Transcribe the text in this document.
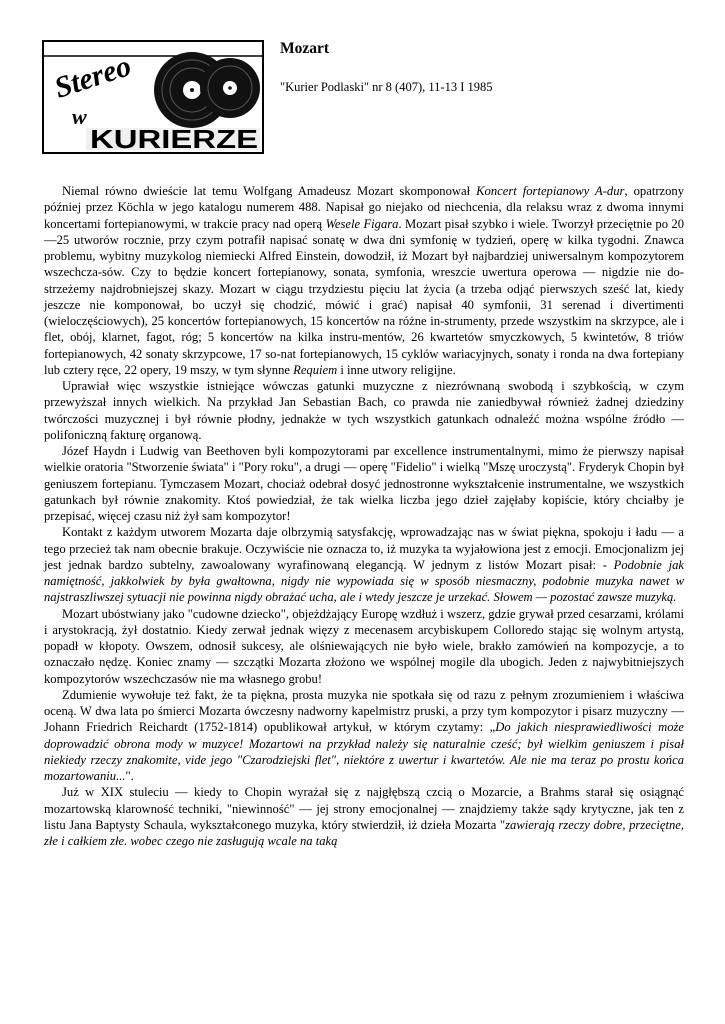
Stereo
w
KURIERZE
Mozart

"Kurier Podlaski" nr 8 (407), 11-13 I 1985

Niemal równo dwieście lat temu Wolfgang Amadeusz Mozart skomponował Koncert fortepianowy A-dur, opatrzony później przez Köchla w jego katalogu numerem 488. Napisał go niejako od niechcenia, dla relaksu wraz z dwoma innymi koncertami fortepianowymi, w trakcie pracy nad operą Wesele Figara. Mozart pisał szybko i wiele. Tworzył przeciętnie po 20—25 utworów rocznie, przy czym potrafił napisać sonatę w dwa dni symfonię w tydzień, operę w kilka tygodni. Znawca problemu, wybitny muzykolog niemiecki Alfred Einstein, dowodził, iż Mozart był najbardziej uniwersalnym kompozytorem wszechcza-sów. Czy to będzie koncert fortepianowy, sonata, symfonia, wreszcie uwertura operowa — nigdzie nie do-strzeżemy najdrobniejszej skazy. Mozart w ciągu trzydziestu pięciu lat życia (a trzeba odjąć pierwszych sześć lat, kiedy jeszcze nie komponował, bo uczył się chodzić, mówić i grać) napisał 40 symfonii, 31 serenad i divertimenti (wieloczęściowych), 25 koncertów fortepianowych, 15 koncertów na różne in-strumenty, przede wszystkim na skrzypce, ale i flet, obój, klarnet, fagot, róg; 5 koncertów na kilka instru-mentów, 26 kwartetów smyczkowych, 5 kwintetów, 8 triów fortepianowych, 42 sonaty skrzypcowe, 17 so-nat fortepianowych, 15 cyklów wariacyjnych, sonaty i ronda na dwa fortepiany lub cztery ręce, 22 opery, 19 mszy, w tym słynne Requiem i inne utwory religijne.

Uprawiał więc wszystkie istniejące wówczas gatunki muzyczne z niezrównaną swobodą i szybkością, w czym przewyższał innych wielkich. Na przykład Jan Sebastian Bach, co prawda nie zaniedbywał również żadnej dziedziny twórczości muzycznej i był równie płodny, jednakże w tych wszystkich gatunkach odnaleźć można wspólne źródło — polifoniczną fakturę organową.

Józef Haydn i Ludwig van Beethoven byli kompozytorami par excellence instrumentalnymi, mimo że pierwszy napisał wielkie oratoria "Stworzenie świata" i "Pory roku", a drugi — operę "Fidelio" i wielką "Mszę uroczystą". Fryderyk Chopin był geniuszem fortepianu. Tymczasem Mozart, chociaż odebrał dosyć jednostronne wykształcenie instrumentalne, we wszystkich gatunkach był równie znakomity. Ktoś powiedział, że tak wielka liczba jego dzieł zajęłaby kopiście, który chciałby je przepisać, więcej czasu niż żył sam kompozytor!

Kontakt z każdym utworem Mozarta daje olbrzymią satysfakcję, wprowadzając nas w świat piękna, spokoju i ładu — a tego przecież tak nam obecnie brakuje. Oczywiście nie oznacza to, iż muzyka ta wyjałowiona jest z emocji. Emocjonalizm jej jest jednak bardzo subtelny, zawoalowany wyrafinowaną elegancją. W jednym z listów Mozart pisał: - Podobnie jak namiętność, jakkolwiek by była gwałtowna, nigdy nie wypowiada się w sposób niesmaczny, podobnie muzyka nawet w najstraszliwszej sytuacji nie powinna nigdy obrażać ucha, ale i wtedy jeszcze je urzekać. Słowem — pozostać zawsze muzyką.

Mozart ubóstwiany jako "cudowne dziecko", objeżdżający Europę wzdłuż i wszerz, gdzie grywał przed cesarzami, królami i arystokracją, żył dostatnio. Kiedy zerwał jednak więzy z mecenasem arcybiskupem Colloredo stając się wolnym artystą, popadł w kłopoty. Owszem, odnosił sukcesy, ale olśniewających nie było wiele, brakło zamówień na kompozycje, a to oznaczało nędzę. Koniec znamy — szczątki Mozarta złożono we wspólnej mogile dla ubogich. Jeden z najwybitniejszych kompozytorów wszechczasów nie ma własnego grobu!

Zdumienie wywołuje też fakt, że ta piękna, prosta muzyka nie spotkała się od razu z pełnym zrozumieniem i właściwa oceną. W dwa lata po śmierci Mozarta ówczesny nadworny kapelmistrz pruski, a przy tym kompozytor i pisarz muzyczny — Johann Friedrich Reichardt (1752-1814) opublikował artykuł, w którym czytamy: „Do jakich niesprawiedliwości może doprowadzić obrona mody w muzyce! Mozartowi na przykład należy się naturalnie cześć; był wielkim geniuszem i pisał niekiedy rzeczy znakomite, vide jego "Czarodziejski flet", niektóre z uwertur i kwartetów. Ale nie ma teraz po prostu końca mozartowaniu...".

Już w XIX stuleciu — kiedy to Chopin wyrażał się z najgłębszą czcią o Mozarcie, a Brahms starał się osiągnąć mozartowską klarowność techniki, "niewinność" — jej strony emocjonalnej — znajdziemy także sądy krytyczne, jak ten z listu Jana Baptysty Schaula, wykształconego muzyka, który stwierdził, iż dzieła Mozarta "zawierają rzeczy dobre, przeciętne, złe i całkiem złe. wobec czego nie zasługują wcale na taką
